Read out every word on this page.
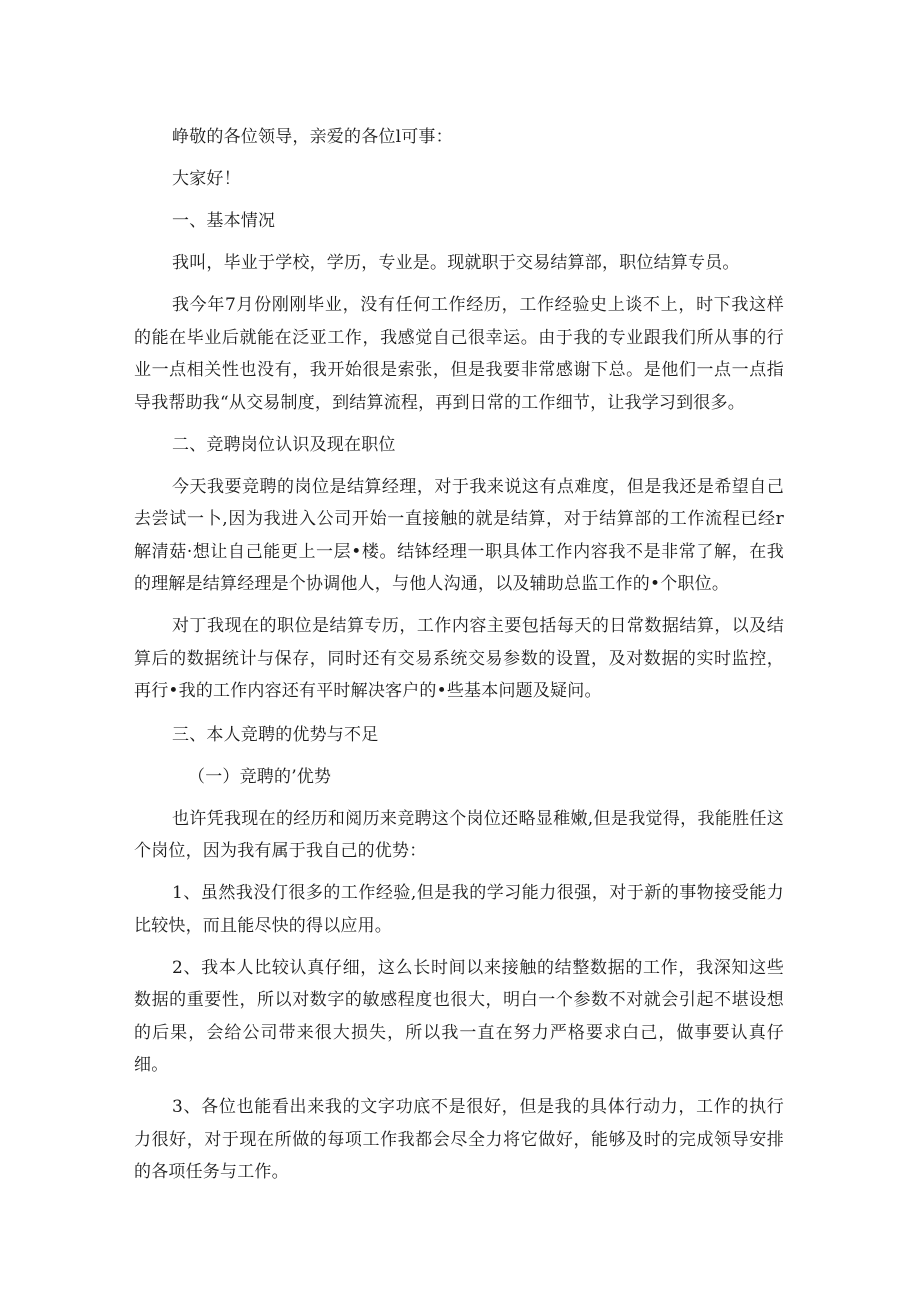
峥敬的各位领导，亲爱的各位l可事：

大家好！

一、基本情况

我叫，毕业于学校，学历，专业是。现就职于交易结算部，职位结算专员。

我今年7月份刚刚毕业，没有任何工作经历，工作经验史上谈不上，时下我这样的能在毕业后就能在泛亚工作，我感觉自己很幸运。由于我的专业跟我们所从事的行业一点相关性也没有，我开始很是索张，但是我要非常感谢下总。是他们一点一点指导我帮助我“从交易制度，到结算流程，再到日常的工作细节，让我学习到很多。

二、竞聘岗位认识及现在职位

今天我要竞聘的岗位是结算经理，对于我来说这有点难度，但是我还是希望自己去尝试一卜,因为我进入公司开始一直接触的就是结算，对于结算部的工作流程已经r解清菇·想让自己能更上一层•楼。结钵经理一职具体工作内容我不是非常了解，在我的理解是结算经理是个协调他人，与他人沟通，以及辅助总监工作的•个职位。

对丁我现在的职位是结算专历，工作内容主要包括每天的日常数据结算，以及结算后的数据统计与保存，同时还有交易系统交易参数的设置，及对数据的实时监控，再行•我的工作内容还有平时解决客户的•些基本问题及疑问。

三、本人竞聘的优势与不足

（一）竞聘的’优势

也许凭我现在的经历和阅历来竞聘这个岗位还略显稚嫩,但是我觉得，我能胜任这个岗位，因为我有属于我自己的优势：

1、虽然我没仃很多的工作经验,但是我的学习能力很强，对于新的事物接受能力比较快，而且能尽快的得以应用。

2、我本人比较认真仔细，这么长时间以来接触的结整数据的工作，我深知这些数据的重要性，所以对数字的敏感程度也很大，明白一个参数不对就会引起不堪设想的后果，会给公司带来很大损失，所以我一直在努力严格要求白己，做事要认真仔细。

3、各位也能看出来我的文字功底不是很好，但是我的具体行动力，工作的执行力很好，对于现在所做的每项工作我都会尽全力将它做好，能够及时的完成领导安排的各项任务与工作。
